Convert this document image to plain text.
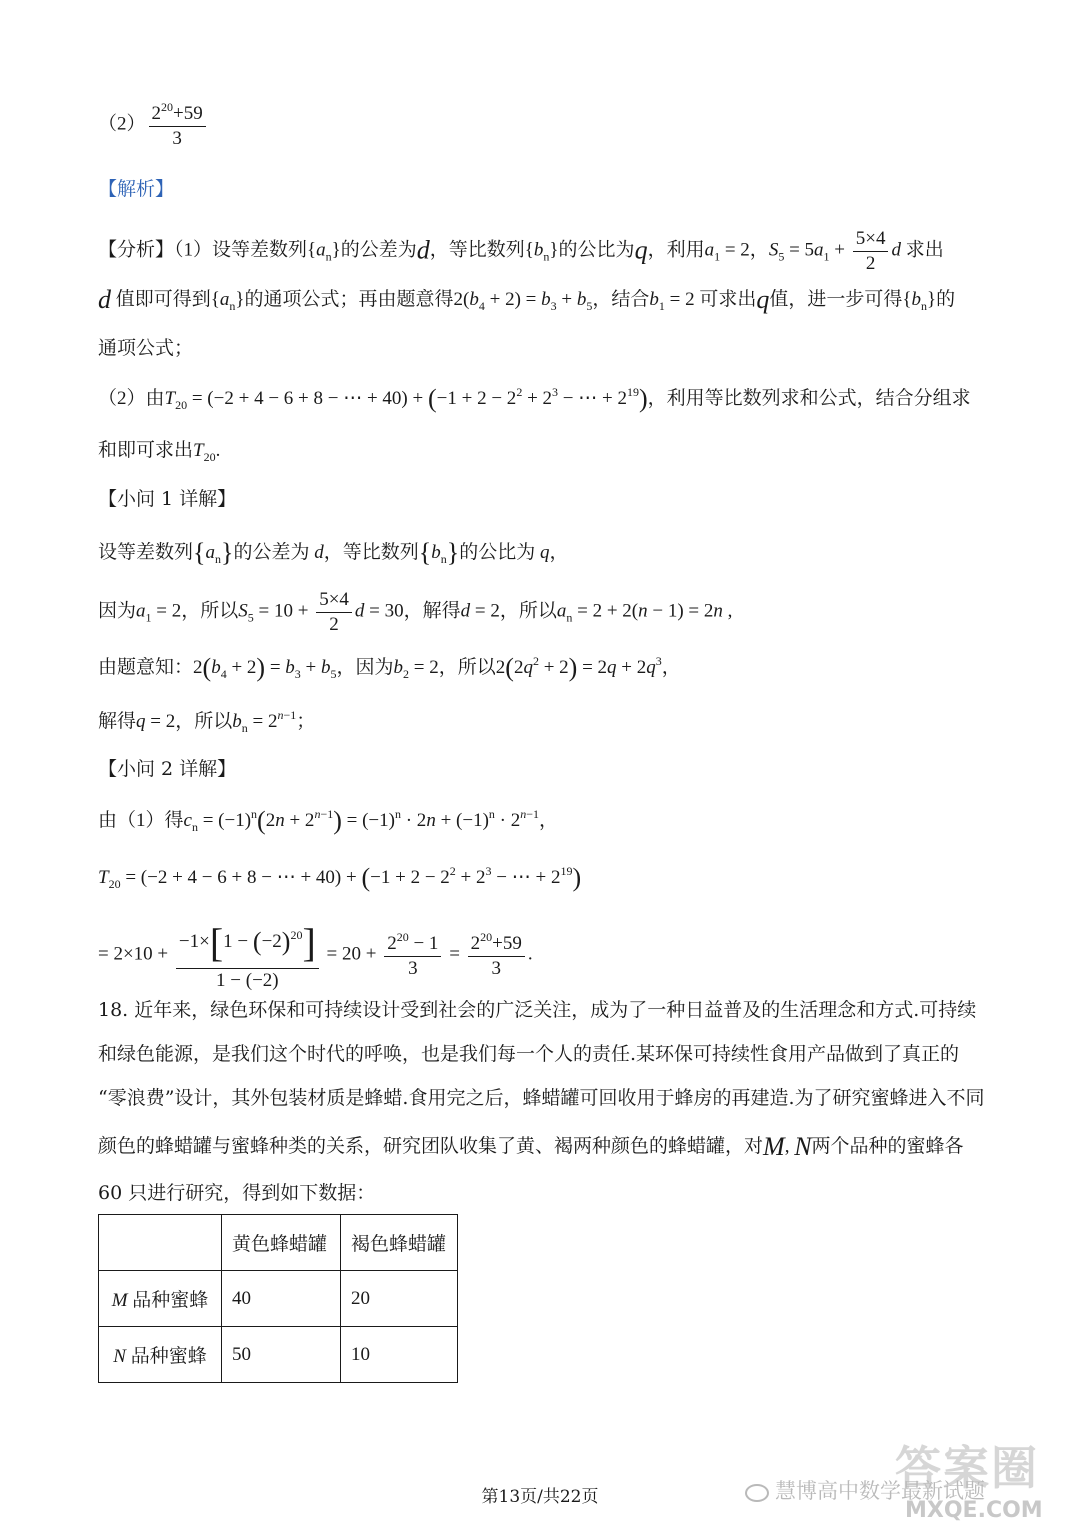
$(2) \frac{2^{20}+59}{3}$
【解析】
【分析】（1）设等差数列$\{a_n\}$的公差为d，等比数列$\{b_n\}$的公比为q，利用$a_1 = 2$，$S_5 = 5a_1 + \frac{5\times 4}{2}$ d 求出
d 值即可得到$\{a_n\}$的通项公式；再由题意得$2(b_4 + 2) = b_3 + b_5$，结合$b_1 = 2$ 可求出q值，进一步可得$\{b_n\}$的
通项公式；
（2）由$T_{20} = (-2 + 4 - 6 + 8$ − ⋯ + $40) + (-1 + 2 - 2^2 + 2^3$ − ⋯ + $2^{19}$)，利用等比数列求和公式，结合分组求
和即可求出$T_{20}$.
【小问 1 详解】
设等差数列$\{a_n\}$的公差为 d，等比数列$\{b_n\}$的公比为 q，
因为$a_1 = 2$，所以$S_5 = 10 + \frac{5\times 4}{2}$ d = 30，解得d = 2，所以$a_n = 2 + 2(n - 1) = 2n$ ,
由题意知：$2(b_4 + 2) = b_3 + b_5$，因为$b_2 = 2$，所以$2(2q^2 + 2) = 2q + 2q^3$，
解得q = 2，所以$b_n = 2^{n-1}$；
【小问 2 详解】
由（1）得$c_n = (-1)^n(2n + 2^{n-1}) = (-1)^n \cdot 2n + (-1)^n \cdot 2^{n-1}$，
$T_{20} = (-2 + 4 - 6 + 8$ − ⋯ + $40) + (-1 + 2 - 2^2 + 2^3$ − ⋯ + $2^{19}$)
= $2\times 10 + \frac{-1\times[1 - (-2)^{20}]}{1 - (-2)} = 20 + \frac{2^{20} - 1}{3} = \frac{2^{20}+59}{3}$ .
18. 近年来，绿色环保和可持续设计受到社会的广泛关注，成为了一种日益普及的生活理念和方式.可持续
和绿色能源，是我们这个时代的呼唤，也是我们每一个人的责任.某环保可持续性食用产品做到了真正的
“零浪费”设计，其外包装材质是蜂蜡.食用完之后，蜂蜡罐可回收用于蜂房的再建造.为了研究蜜蜂进入不同
颜色的蜂蜡罐与蜜蜂种类的关系，研究团队收集了黄、褐两种颜色的蜂蜡罐，对M, N两个品种的蜜蜂各
60 只进行研究，得到如下数据：
	黄色蜂蜡罐	褐色蜂蜡罐
M 品种蜜蜂	40	20
N 品种蜜蜂	50	10
答案圈
慧博高中数学最新试题
MXQE.COM
第13页/共22页
